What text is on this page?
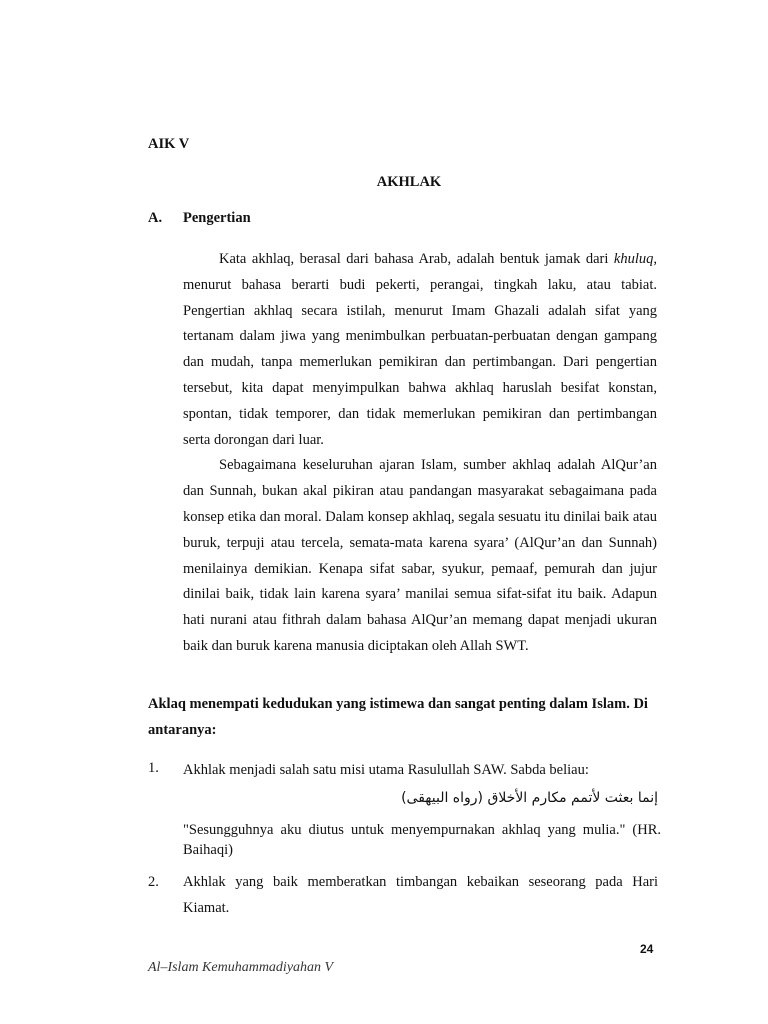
AIK V
AKHLAK
A. Pengertian

Kata akhlaq, berasal dari bahasa Arab, adalah bentuk jamak dari khuluq, menurut bahasa berarti budi pekerti, perangai, tingkah laku, atau tabiat. Pengertian akhlaq secara istilah, menurut Imam Ghazali adalah sifat yang tertanam dalam jiwa yang menimbulkan perbuatan-perbuatan dengan gampang dan mudah, tanpa memerlukan pemikiran dan pertimbangan. Dari pengertian tersebut, kita dapat menyimpulkan bahwa akhlaq haruslah besifat konstan, spontan, tidak temporer, dan tidak memerlukan pemikiran dan pertimbangan serta dorongan dari luar.

Sebagaimana keseluruhan ajaran Islam, sumber akhlaq adalah AlQur’an dan Sunnah, bukan akal pikiran atau pandangan masyarakat sebagaimana pada konsep etika dan moral. Dalam konsep akhlaq, segala sesuatu itu dinilai baik atau buruk, terpuji atau tercela, semata-mata karena syara’ (AlQur’an dan Sunnah) menilainya demikian. Kenapa sifat sabar, syukur, pemaaf, pemurah dan jujur dinilai baik, tidak lain karena syara’ manilai semua sifat-sifat itu baik. Adapun hati nurani atau fithrah dalam bahasa AlQur’an memang dapat menjadi ukuran baik dan buruk karena manusia diciptakan oleh Allah SWT.

Aklaq menempati kedudukan yang istimewa dan sangat penting dalam Islam. Di antaranya:
1. Akhlak menjadi salah satu misi utama Rasulullah SAW. Sabda beliau:
إنما بعثت لأتمم مكارم الأخلاق (رواه البيهقى)
"Sesungguhnya aku diutus untuk menyempurnakan akhlaq yang mulia." (HR. Baihaqi)
2. Akhlak yang baik memberatkan timbangan kebaikan seseorang pada Hari Kiamat.
24
Al–Islam Kemuhammadiyahan V
